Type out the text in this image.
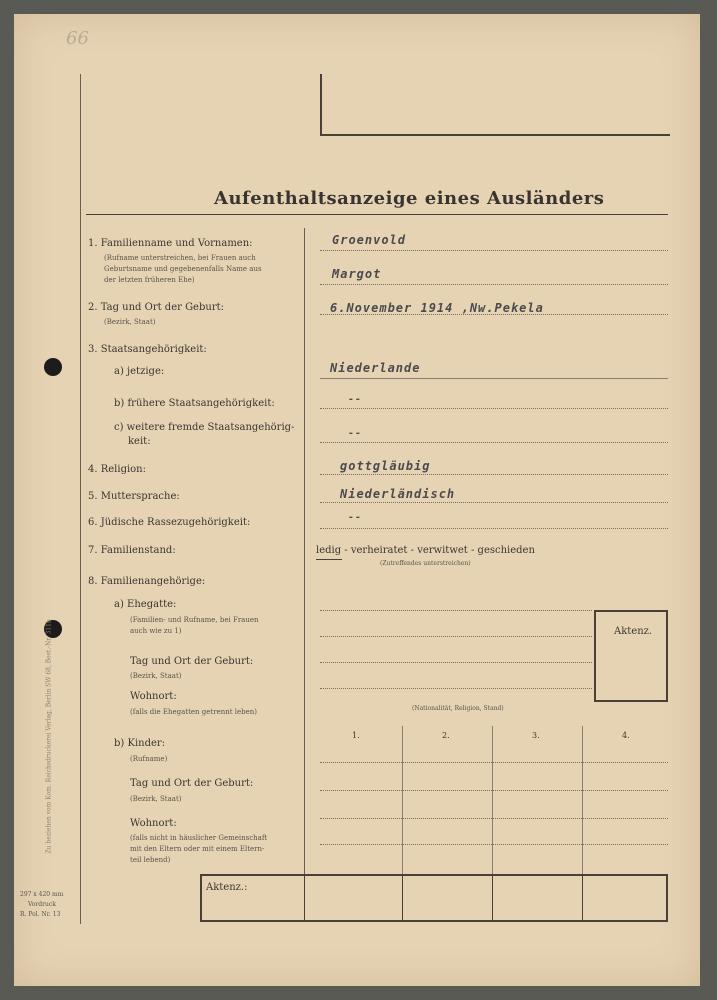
66
Aufenthaltsanzeige eines Ausländers
1. Familienname und Vornamen:
(Rufname unterstreichen, bei Frauen auch
Geburtsname und gegebenenfalls Name aus
der letzten früheren Ehe)
Groenvold
Margot
2. Tag und Ort der Geburt:
(Bezirk, Staat)
6.November 1914 ,Nw.Pekela
3. Staatsangehörigkeit:
a) jetzige:	Niederlande
b) frühere Staatsangehörigkeit:	--
c) weitere fremde Staatsangehörig-
keit:
--
4. Religion:	gottgläubig
5. Muttersprache:	Niederländisch
6. Jüdische Rassezugehörigkeit:	--
7. Familienstand:	ledig - verheiratet - verwitwet - geschieden
(Zutreffendes unterstreichen)
8. Familienangehörige:
a) Ehegatte:
(Familien- und Rufname, bei Frauen
auch wie zu 1)
Tag und Ort der Geburt:
(Bezirk, Staat)
Wohnort:
(falls die Ehegatten getrennt leben)	(Nationalität, Religion, Stand)
Aktenz.
b) Kinder:
(Rufname)
Tag und Ort der Geburt:
(Bezirk, Staat)
Wohnort:
(falls nicht in häuslicher Gemeinschaft
mit den Eltern oder mit einem Eltern-
teil lebend)
1.	2.	3.	4.
Aktenz.:
Zu beziehen vom Kom. Reichsdruckerei Verlag, Berlin SW 68, Best.-Nr. 311b
297 x 420 mm
Vordruck
R. Pol. Nr. 13
